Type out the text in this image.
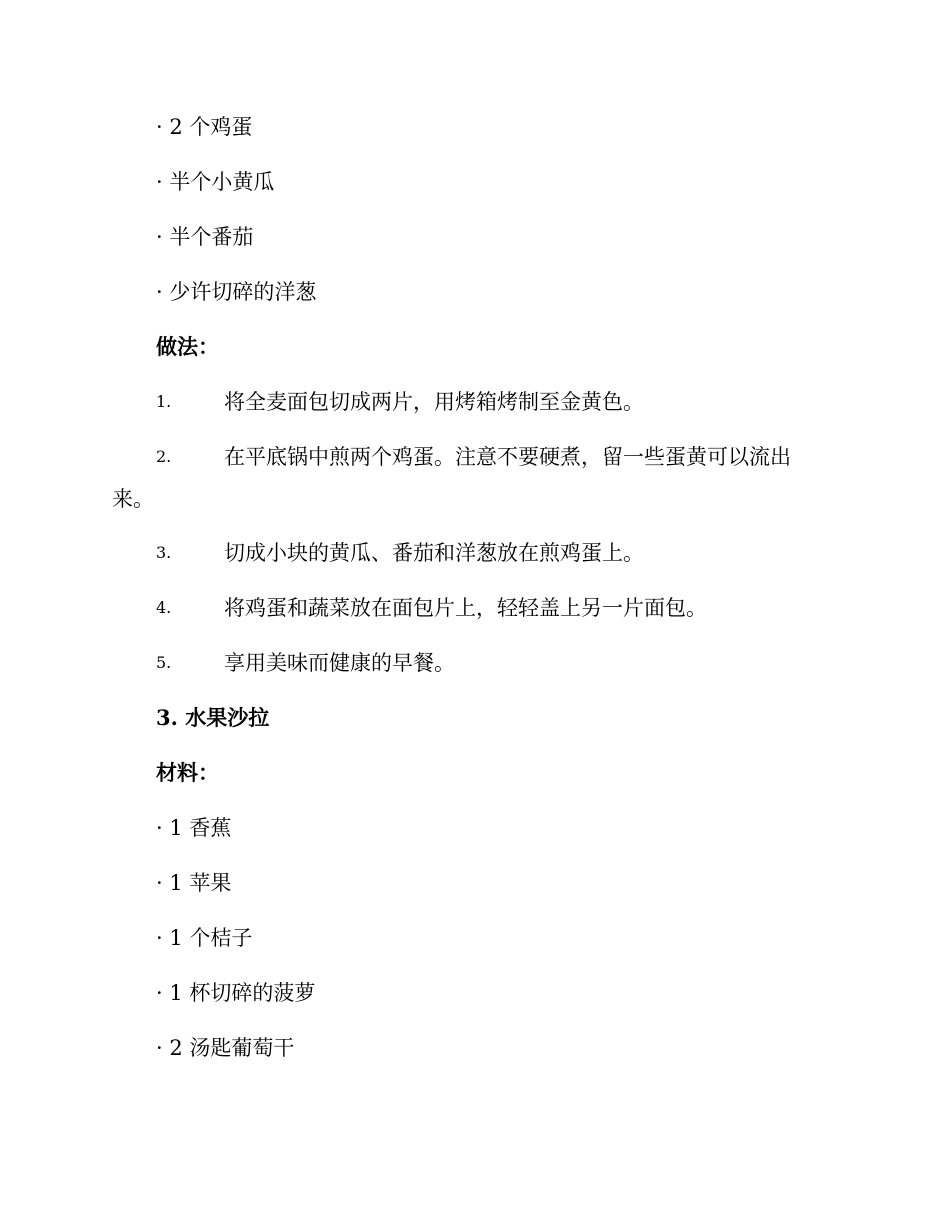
· 2 个鸡蛋
· 半个小黄瓜
· 半个番茄
· 少许切碎的洋葱
做法：
1.	将全麦面包切成两片，用烤箱烤制至金黄色。
2.	在平底锅中煎两个鸡蛋。注意不要硬煮，留一些蛋黄可以流出
来。
3.	切成小块的黄瓜、番茄和洋葱放在煎鸡蛋上。
4.	将鸡蛋和蔬菜放在面包片上，轻轻盖上另一片面包。
5.	享用美味而健康的早餐。
3. 水果沙拉
材料：
· 1 香蕉
· 1 苹果
· 1 个桔子
· 1 杯切碎的菠萝
· 2 汤匙葡萄干
